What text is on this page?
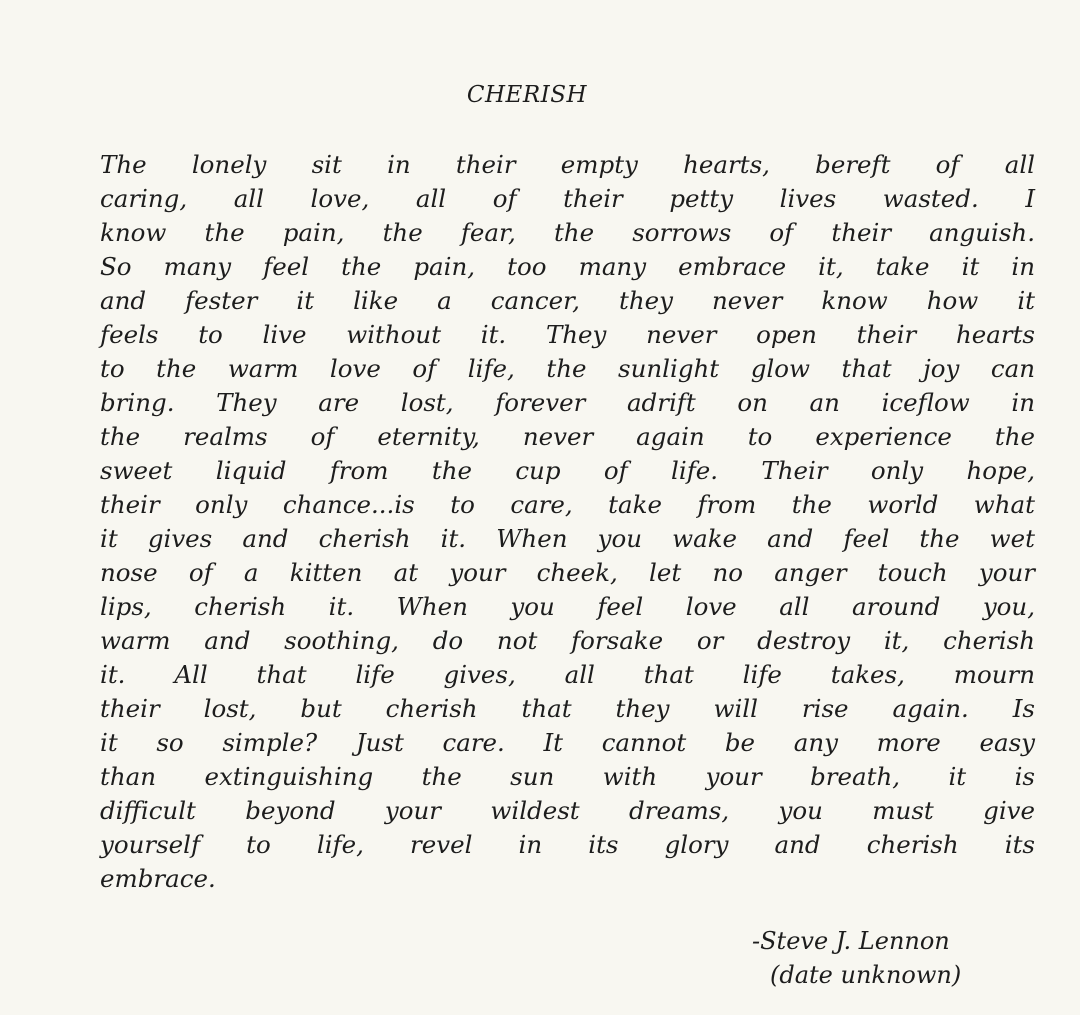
CHERISH
The lonely sit in their empty hearts, bereft of all
caring, all love, all of their petty lives wasted. I
know the pain, the fear, the sorrows of their anguish.
So many feel the pain, too many embrace it, take it in
and fester it like a cancer, they never know how it
feels to live without it. They never open their hearts
to the warm love of life, the sunlight glow that joy can
bring. They are lost, forever adrift on an iceflow in
the realms of eternity, never again to experience the
sweet liquid from the cup of life. Their only hope,
their only chance...is to care, take from the world what
it gives and cherish it. When you wake and feel the wet
nose of a kitten at your cheek, let no anger touch your
lips, cherish it. When you feel love all around you,
warm and soothing, do not forsake or destroy it, cherish
it. All that life gives, all that life takes, mourn
their lost, but cherish that they will rise again. Is
it so simple? Just care. It cannot be any more easy
than extinguishing the sun with your breath, it is
difficult beyond your wildest dreams, you must give
yourself to life, revel in its glory and cherish its
embrace.
-Steve J. Lennon
(date unknown)
